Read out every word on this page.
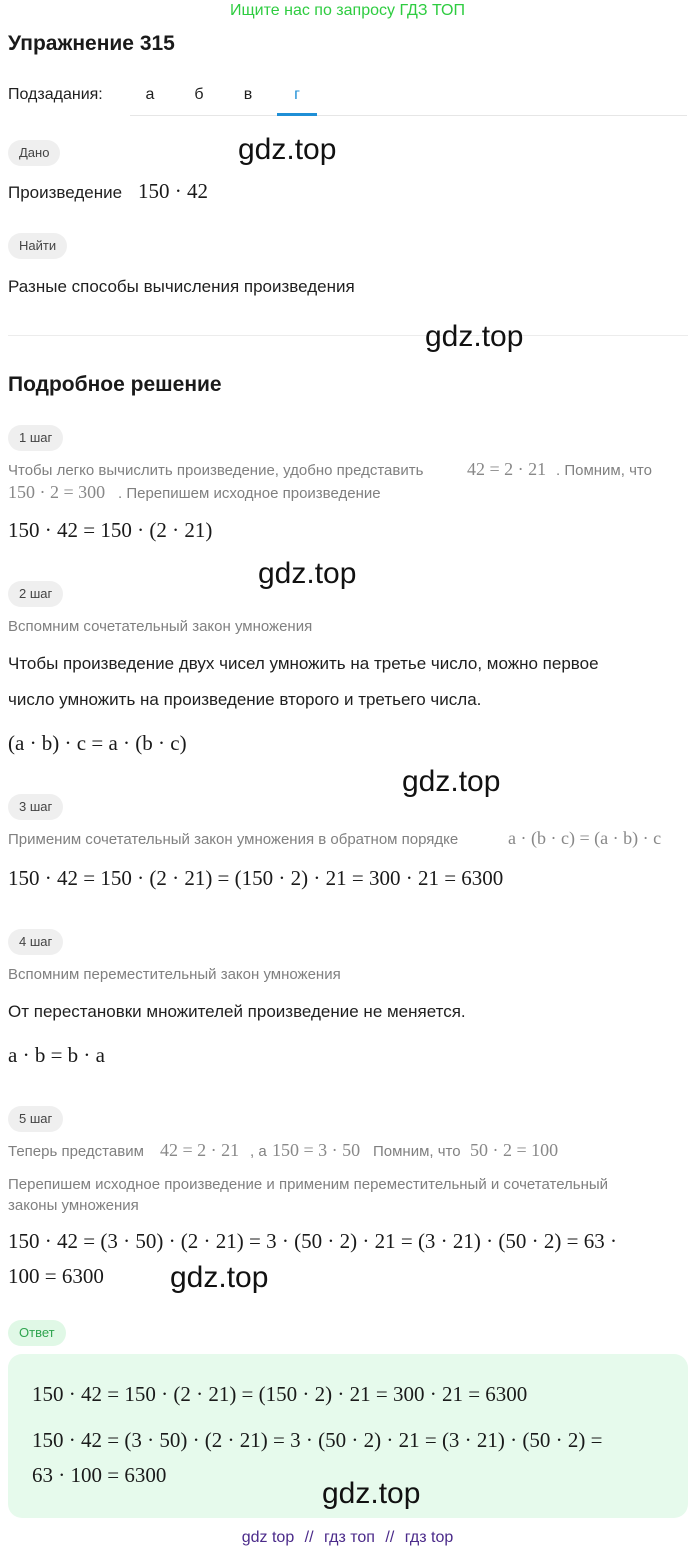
Ищите нас по запросу ГДЗ ТОП
Упражнение 315
Подзадания:	а	б	в	г
Дано	gdz.top
Произведение 150 · 42
Найти
Разные способы вычисления произведения
gdz.top
Подробное решение
1 шаг
Чтобы легко вычислить произведение, удобно представить 42 = 2 · 21 . Помним, что
150 · 2 = 300 . Перепишем исходное произведение
150 · 42 = 150 · (2 · 21)
gdz.top
2 шаг
Вспомним сочетательный закон умножения
Чтобы произведение двух чисел умножить на третье число, можно первое
число умножить на произведение второго и третьего числа.
(a · b) · c = a · (b · c)
gdz.top
3 шаг
Применим сочетательный закон умножения в обратном порядке	a · (b · c) = (a · b) · c
150 · 42 = 150 · (2 · 21) = (150 · 2) · 21 = 300 · 21 = 6300
4 шаг
Вспомним переместительный закон умножения
От перестановки множителей произведение не меняется.
a · b = b · a
5 шаг
Теперь представим 42 = 2 · 21 , а 150 = 3 · 50 Помним, что 50 · 2 = 100
Перепишем исходное произведение и применим переместительный и сочетательный
законы умножения
150 · 42 = (3 · 50) · (2 · 21) = 3 · (50 · 2) · 21 = (3 · 21) · (50 · 2) = 63 ·
100 = 6300 gdz.top
Ответ
150 · 42 = 150 · (2 · 21) = (150 · 2) · 21 = 300 · 21 = 6300
150 · 42 = (3 · 50) · (2 · 21) = 3 · (50 · 2) · 21 = (3 · 21) · (50 · 2) =
63 · 100 = 6300
gdz.top
gdz top // гдз топ // гдз top
